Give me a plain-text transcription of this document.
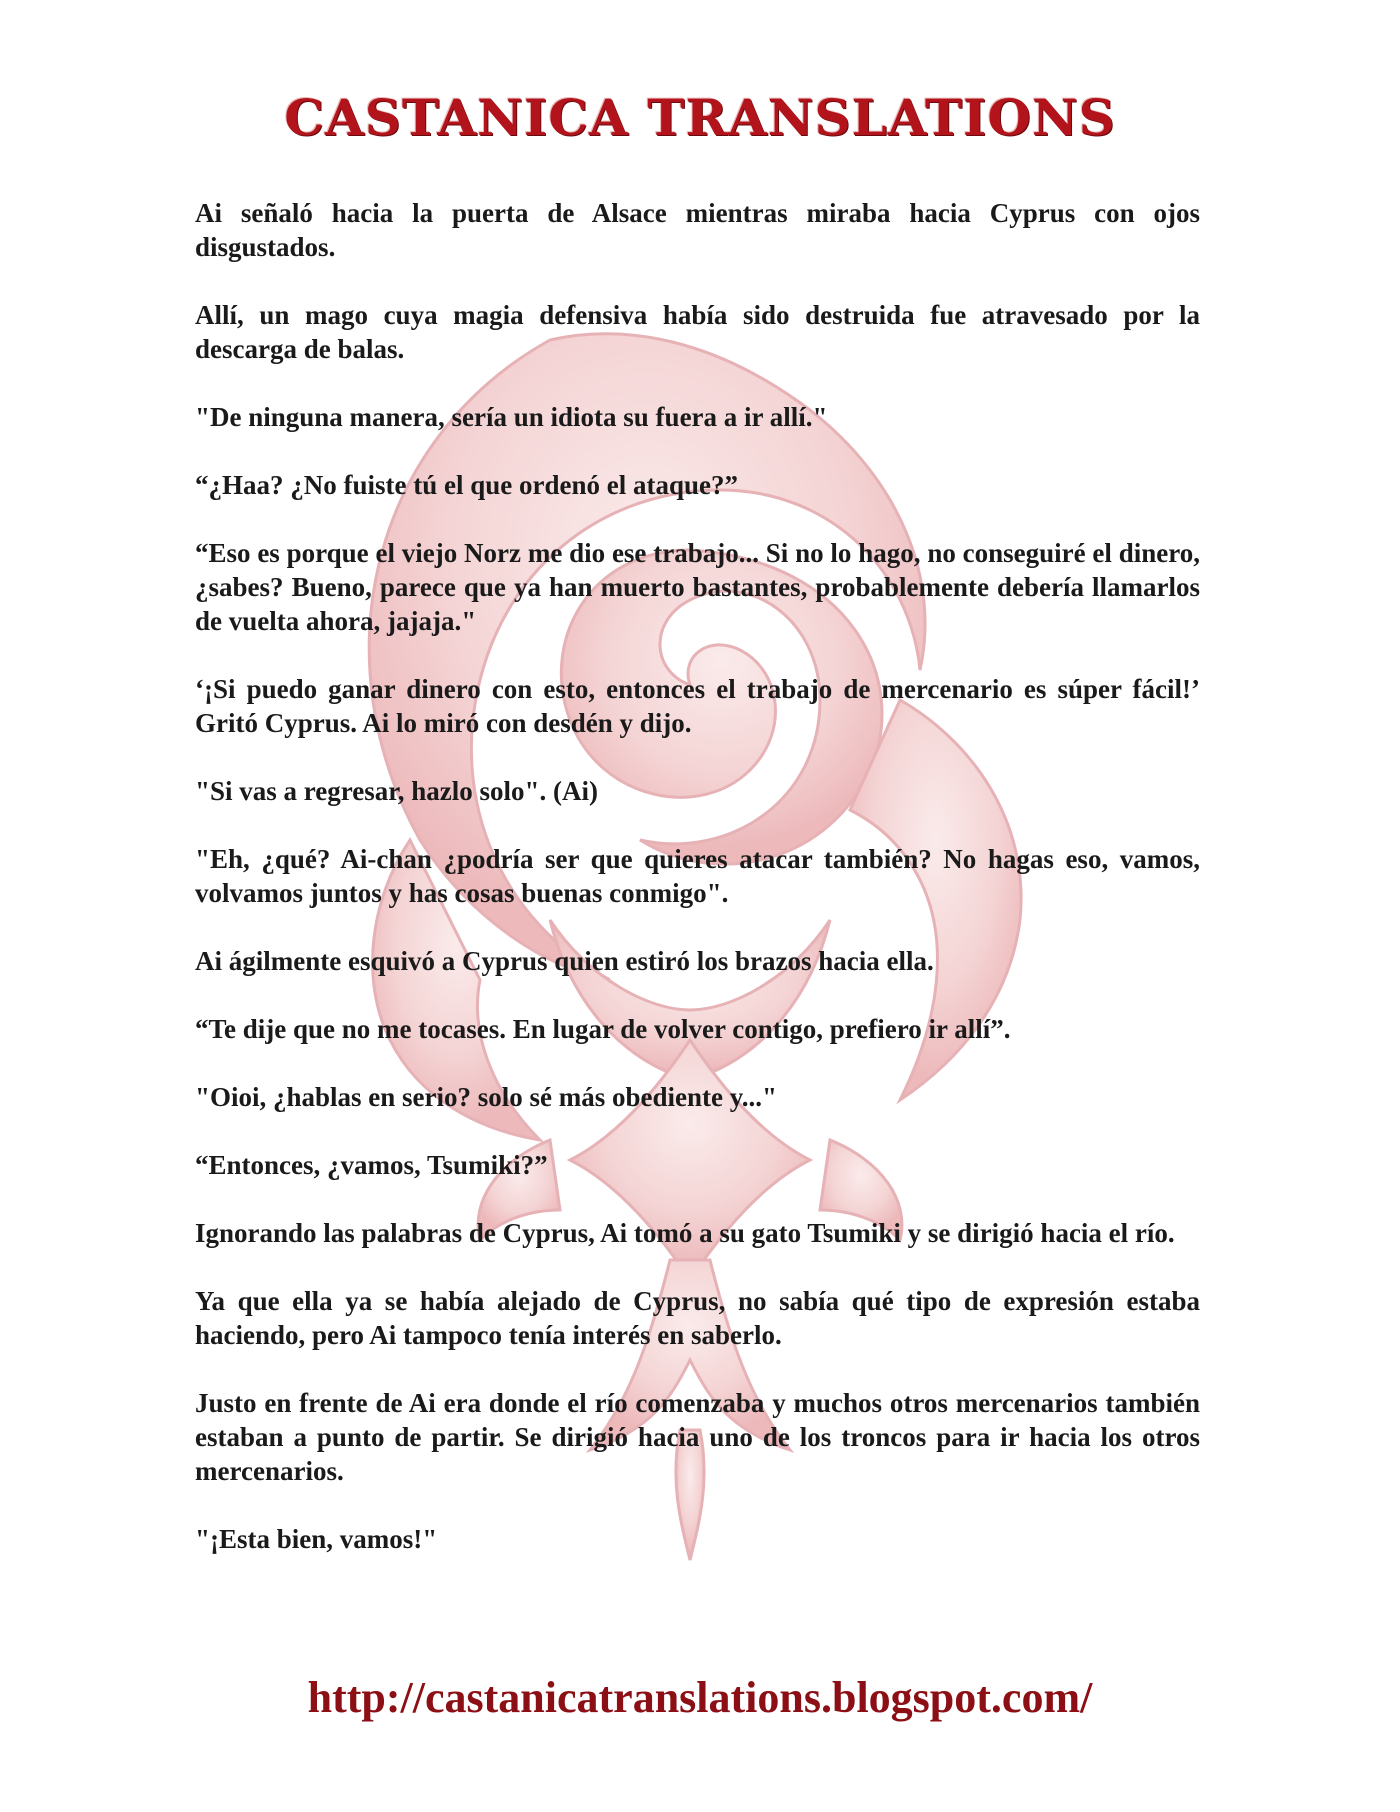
CASTANICA TRANSLATIONS

Ai señaló hacia la puerta de Alsace mientras miraba hacia Cyprus con ojos disgustados.

Allí, un mago cuya magia defensiva había sido destruida fue atravesado por la descarga de balas.

"De ninguna manera, sería un idiota su fuera a ir allí."

“¿Haa? ¿No fuiste tú el que ordenó el ataque?”

“Eso es porque el viejo Norz me dio ese trabajo... Si no lo hago, no conseguiré el dinero, ¿sabes? Bueno, parece que ya han muerto bastantes, probablemente debería llamarlos de vuelta ahora, jajaja."

‘¡Si puedo ganar dinero con esto, entonces el trabajo de mercenario es súper fácil!’ Gritó Cyprus. Ai lo miró con desdén y dijo.

"Si vas a regresar, hazlo solo". (Ai)

"Eh, ¿qué? Ai-chan ¿podría ser que quieres atacar también? No hagas eso, vamos, volvamos juntos y has cosas buenas conmigo".

Ai ágilmente esquivó a Cyprus quien estiró los brazos hacia ella.

“Te dije que no me tocases. En lugar de volver contigo, prefiero ir allí”.

"Oioi, ¿hablas en serio? solo sé más obediente y..."

“Entonces, ¿vamos, Tsumiki?”

Ignorando las palabras de Cyprus, Ai tomó a su gato Tsumiki y se dirigió hacia el río.

Ya que ella ya se había alejado de Cyprus, no sabía qué tipo de expresión estaba haciendo, pero Ai tampoco tenía interés en saberlo.

Justo en frente de Ai era donde el río comenzaba y muchos otros mercenarios también estaban a punto de partir. Se dirigió hacia uno de los troncos para ir hacia los otros mercenarios.

"¡Esta bien, vamos!"

http://castanicatranslations.blogspot.com/
